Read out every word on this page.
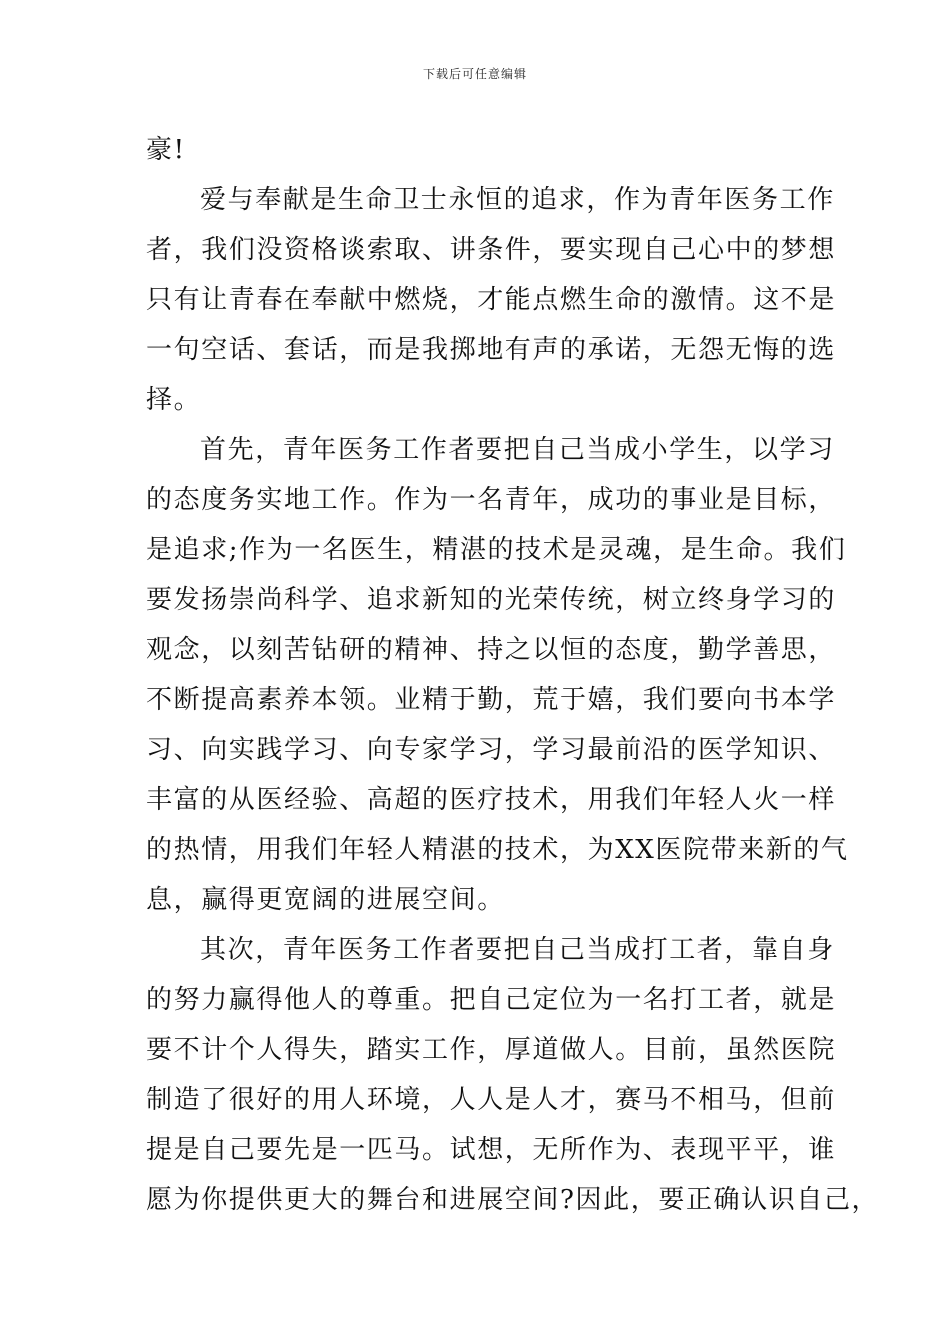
下载后可任意编辑
豪!
爱与奉献是生命卫士永恒的追求，作为青年医务工作
者，我们没资格谈索取、讲条件，要实现自己心中的梦想
只有让青春在奉献中燃烧，才能点燃生命的激情。这不是
一句空话、套话，而是我掷地有声的承诺，无怨无悔的选
择。
首先，青年医务工作者要把自己当成小学生，以学习
的态度务实地工作。作为一名青年，成功的事业是目标，
是追求;作为一名医生，精湛的技术是灵魂，是生命。我们
要发扬崇尚科学、追求新知的光荣传统，树立终身学习的
观念，以刻苦钻研的精神、持之以恒的态度，勤学善思，
不断提高素养本领。业精于勤，荒于嬉，我们要向书本学
习、向实践学习、向专家学习，学习最前沿的医学知识、
丰富的从医经验、高超的医疗技术，用我们年轻人火一样
的热情，用我们年轻人精湛的技术，为XX医院带来新的气
息，赢得更宽阔的进展空间。
其次，青年医务工作者要把自己当成打工者，靠自身
的努力赢得他人的尊重。把自己定位为一名打工者，就是
要不计个人得失，踏实工作，厚道做人。目前，虽然医院
制造了很好的用人环境，人人是人才，赛马不相马，但前
提是自己要先是一匹马。试想，无所作为、表现平平，谁
愿为你提供更大的舞台和进展空间?因此，要正确认识自己，
